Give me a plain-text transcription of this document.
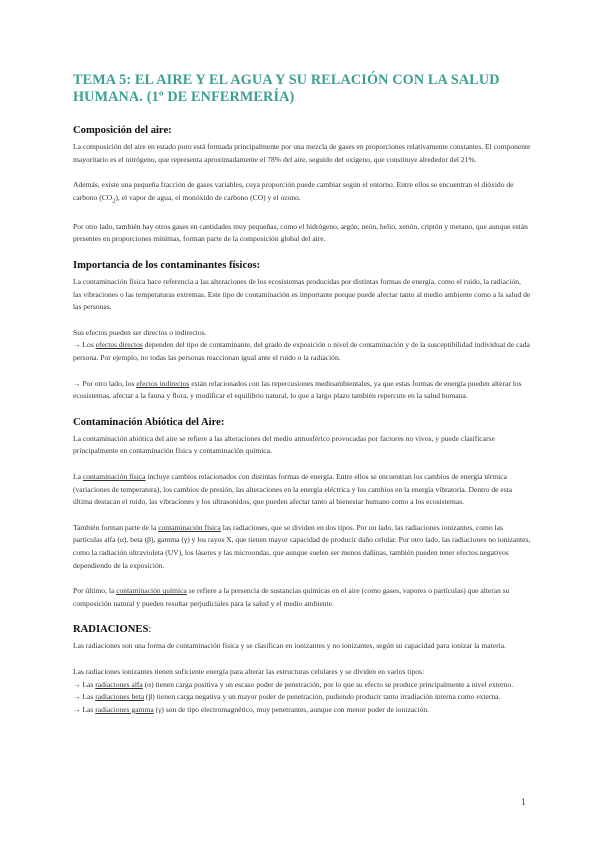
TEMA 5: EL AIRE Y EL AGUA Y SU RELACIÓN CON LA SALUD HUMANA. (1º DE ENFERMERÍA)
Composición del aire:

La composición del aire en estado puro está formada principalmente por una mezcla de gases en proporciones relativamente constantes. El componente mayoritario es el nitrógeno, que representa aproximadamente el 78% del aire, seguido del oxígeno, que constituye alrededor del 21%.

Además, existe una pequeña fracción de gases variables, cuya proporción puede cambiar según el entorno. Entre ellos se encuentran el dióxido de carbono $(CO_2)$, el vapor de agua, el monóxido de carbono (CO) y el ozono.

Por otro lado, también hay otros gases en cantidades muy pequeñas, como el hidrógeno, argón, neón, helio, xenón, criptón y metano, que aunque están presentes en proporciones mínimas, forman parte de la composición global del aire.

Importancia de los contaminantes físicos:

La contaminación física hace referencia a las alteraciones de los ecosistemas producidas por distintas formas de energía, como el ruido, la radiación, las vibraciones o las temperaturas extremas. Este tipo de contaminación es importante porque puede afectar tanto al medio ambiente como a la salud de las personas.

Sus efectos pueden ser directos o indirectos.
→ Los efectos directos dependen del tipo de contaminante, del grado de exposición o nivel de contaminación y de la susceptibilidad individual de cada persona. Por ejemplo, no todas las personas reaccionan igual ante el ruido o la radiación.

→ Por otro lado, los efectos indirectos están relacionados con las repercusiones medioambientales, ya que estas formas de energía pueden alterar los ecosistemas, afectar a la fauna y flora, y modificar el equilibrio natural, lo que a largo plazo también repercute en la salud humana.

Contaminación Abiótica del Aire:

La contaminación abiótica del aire se refiere a las alteraciones del medio atmosférico provocadas por factores no vivos, y puede clasificarse principalmente en contaminación física y contaminación química.

La contaminación física incluye cambios relacionados con distintas formas de energía. Entre ellos se encuentran los cambios de energía térmica (variaciones de temperatura), los cambios de presión, las alteraciones en la energía eléctrica y los cambios en la energía vibratoria. Dentro de esta última destacan el ruido, las vibraciones y los ultrasonidos, que pueden afectar tanto al bienestar humano como a los ecosistemas.

También forman parte de la contaminación física las radiaciones, que se dividen en dos tipos. Por un lado, las radiaciones ionizantes, como las partículas alfa (α), beta (β), gamma (γ) y los rayos X, que tienen mayor capacidad de producir daño celular. Por otro lado, las radiaciones no ionizantes, como la radiación ultravioleta (UV), los láseres y las microondas, que aunque suelen ser menos dañinas, también pueden tener efectos negativos dependiendo de la exposición.

Por último, la contaminación química se refiere a la presencia de sustancias químicas en el aire (como gases, vapores o partículas) que alteran su composición natural y pueden resultar perjudiciales para la salud y el medio ambiente.

RADIACIONES:

Las radiaciones son una forma de contaminación física y se clasifican en ionizantes y no ionizantes, según su capacidad para ionizar la materia.

Las radiaciones ionizantes tienen suficiente energía para alterar las estructuras celulares y se dividen en varios tipos:
→ Las radiaciones alfa (α) tienen carga positiva y un escaso poder de penetración, por lo que su efecto se produce principalmente a nivel externo.
→ Las radiaciones beta (β) tienen carga negativa y un mayor poder de penetración, pudiendo producir tanto irradiación interna como externa.
→ Las radiaciones gamma (γ) son de tipo electromagnético, muy penetrantes, aunque con menor poder de ionización.

1
